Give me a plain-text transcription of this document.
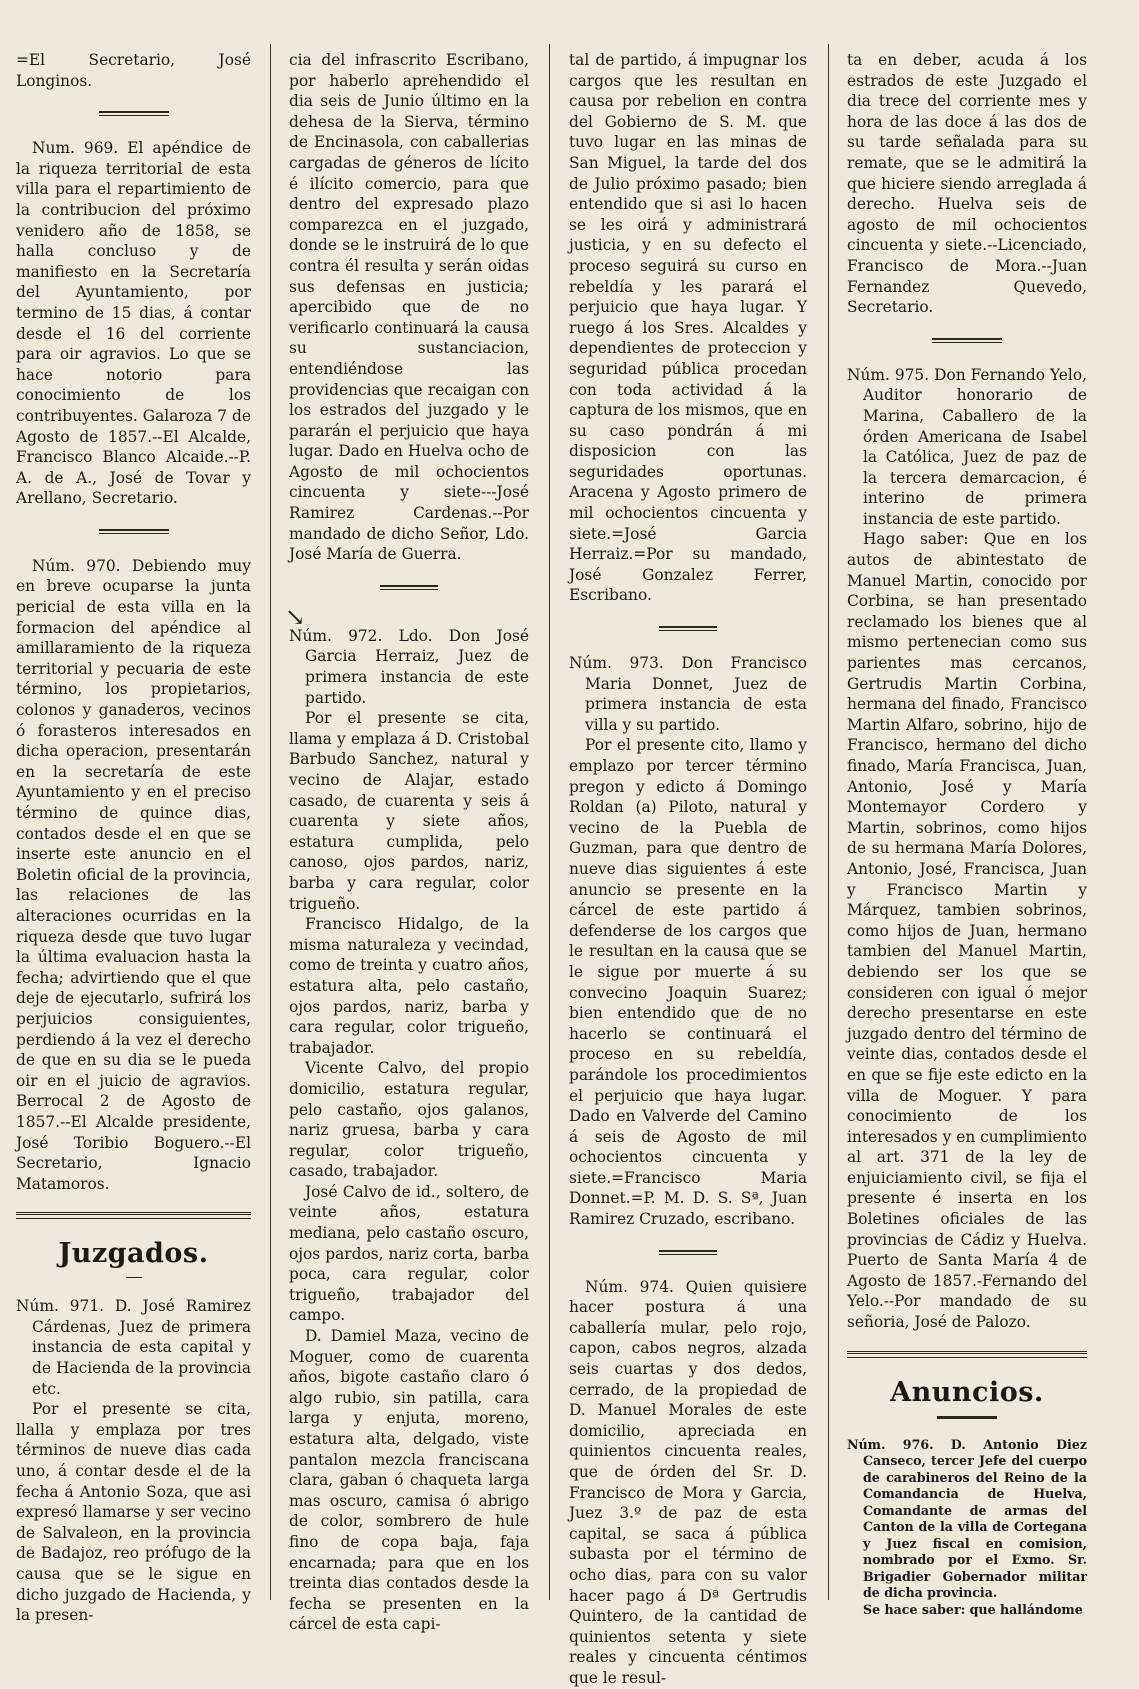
=El Secretario, José Longinos.

Num. 969. El apéndice de la riqueza territorial de esta villa para el repartimiento de la contribucion del próximo venidero año de 1858, se halla concluso y de manifiesto en la Secretaría del Ayuntamiento, por termino de 15 dias, á contar desde el 16 del corriente para oir agravios. Lo que se hace notorio para conocimiento de los contribuyentes. Galaroza 7 de Agosto de 1857.--El Alcalde, Francisco Blanco Alcaide.--P. A. de A., José de Tovar y Arellano, Secretario.

Núm. 970. Debiendo muy en breve ocuparse la junta pericial de esta villa en la formacion del apéndice al amillaramiento de la riqueza territorial y pecuaria de este término, los propietarios, colonos y ganaderos, vecinos ó forasteros interesados en dicha operacion, presentarán en la secretaría de este Ayuntamiento y en el preciso término de quince dias, contados desde el en que se inserte este anuncio en el Boletin oficial de la provincia, las relaciones de las alteraciones ocurridas en la riqueza desde que tuvo lugar la última evaluacion hasta la fecha; advirtiendo que el que deje de ejecutarlo, sufrirá los perjuicios consiguientes, perdiendo á la vez el derecho de que en su dia se le pueda oir en el juicio de agravios. Berrocal 2 de Agosto de 1857.--El Alcalde presidente, José Toribio Boguero.--El Secretario, Ignacio Matamoros.

Juzgados.

Núm. 971. D. José Ramirez Cárdenas, Juez de primera instancia de esta capital y de Hacienda de la provincia etc.

Por el presente se cita, llalla y emplaza por tres términos de nueve dias cada uno, á contar desde el de la fecha á Antonio Soza, que asi expresó llamarse y ser vecino de Salvaleon, en la provincia de Badajoz, reo prófugo de la causa que se le sigue en dicho juzgado de Hacienda, y la presen-

cia del infrascrito Escribano, por haberlo aprehendido el dia seis de Junio último en la dehesa de la Sierva, término de Encinasola, con caballerias cargadas de géneros de lícito é ilícito comercio, para que dentro del expresado plazo comparezca en el juzgado, donde se le instruirá de lo que contra él resulta y serán oidas sus defensas en justicia; apercibido que de no verificarlo continuará la causa su sustanciacion, entendiéndose las providencias que recaigan con los estrados del juzgado y le pararán el perjuicio que haya lugar. Dado en Huelva ocho de Agosto de mil ochocientos cincuenta y siete---José Ramirez Cardenas.--Por mandado de dicho Señor, Ldo. José María de Guerra.

↘

Núm. 972. Ldo. Don José Garcia Herraiz, Juez de primera instancia de este partido.

Por el presente se cita, llama y emplaza á D. Cristobal Barbudo Sanchez, natural y vecino de Alajar, estado casado, de cuarenta y seis á cuarenta y siete años, estatura cumplida, pelo canoso, ojos pardos, nariz, barba y cara regular, color trigueño.

Francisco Hidalgo, de la misma naturaleza y vecindad, como de treinta y cuatro años, estatura alta, pelo castaño, ojos pardos, nariz, barba y cara regular, color trigueño, trabajador.

Vicente Calvo, del propio domicilio, estatura regular, pelo castaño, ojos galanos, nariz gruesa, barba y cara regular, color trigueño, casado, trabajador.

José Calvo de id., soltero, de veinte años, estatura mediana, pelo castaño oscuro, ojos pardos, nariz corta, barba poca, cara regular, color trigueño, trabajador del campo.

D. Damiel Maza, vecino de Moguer, como de cuarenta años, bigote castaño claro ó algo rubio, sin patilla, cara larga y enjuta, moreno, estatura alta, delgado, viste pantalon mezcla franciscana clara, gaban ó chaqueta larga mas oscuro, camisa ó abrigo de color, sombrero de hule fino de copa baja, faja encarnada; para que en los treinta dias contados desde la fecha se presenten en la cárcel de esta capi-

tal de partido, á impugnar los cargos que les resultan en causa por rebelion en contra del Gobierno de S. M. que tuvo lugar en las minas de San Miguel, la tarde del dos de Julio próximo pasado; bien entendido que si asi lo hacen se les oirá y administrará justicia, y en su defecto el proceso seguirá su curso en rebeldía y les parará el perjuicio que haya lugar. Y ruego á los Sres. Alcaldes y dependientes de proteccion y seguridad pública procedan con toda actividad á la captura de los mismos, que en su caso pondrán á mi disposicion con las seguridades oportunas. Aracena y Agosto primero de mil ochocientos cincuenta y siete.=José Garcia Herraiz.=Por su mandado, José Gonzalez Ferrer, Escribano.

Núm. 973. Don Francisco Maria Donnet, Juez de primera instancia de esta villa y su partido.

Por el presente cito, llamo y emplazo por tercer término pregon y edicto á Domingo Roldan (a) Piloto, natural y vecino de la Puebla de Guzman, para que dentro de nueve dias siguientes á este anuncio se presente en la cárcel de este partido á defenderse de los cargos que le resultan en la causa que se le sigue por muerte á su convecino Joaquin Suarez; bien entendido que de no hacerlo se continuará el proceso en su rebeldía, parándole los procedimientos el perjuicio que haya lugar. Dado en Valverde del Camino á seis de Agosto de mil ochocientos cincuenta y siete.=Francisco Maria Donnet.=P. M. D. S. Sª, Juan Ramirez Cruzado, escribano.

Núm. 974. Quien quisiere hacer postura á una caballería mular, pelo rojo, capon, cabos negros, alzada seis cuartas y dos dedos, cerrado, de la propiedad de D. Manuel Morales de este domicilio, apreciada en quinientos cincuenta reales, que de órden del Sr. D. Francisco de Mora y Garcia, Juez 3.º de paz de esta capital, se saca á pública subasta por el término de ocho dias, para con su valor hacer pago á Dª Gertrudis Quintero, de la cantidad de quinientos setenta y siete reales y cincuenta céntimos que le resul-

ta en deber, acuda á los estrados de este Juzgado el dia trece del corriente mes y hora de las doce á las dos de su tarde señalada para su remate, que se le admitirá la que hiciere siendo arreglada á derecho. Huelva seis de agosto de mil ochocientos cincuenta y siete.--Licenciado, Francisco de Mora.--Juan Fernandez Quevedo, Secretario.

Núm. 975. Don Fernando Yelo, Auditor honorario de Marina, Caballero de la órden Americana de Isabel la Católica, Juez de paz de la tercera demarcacion, é interino de primera instancia de este partido.

Hago saber: Que en los autos de abintestato de Manuel Martin, conocido por Corbina, se han presentado reclamado los bienes que al mismo pertenecian como sus parientes mas cercanos, Gertrudis Martin Corbina, hermana del finado, Francisco Martin Alfaro, sobrino, hijo de Francisco, hermano del dicho finado, María Francisca, Juan, Antonio, José y María Montemayor Cordero y Martin, sobrinos, como hijos de su hermana María Dolores, Antonio, José, Francisca, Juan y Francisco Martin y Márquez, tambien sobrinos, como hijos de Juan, hermano tambien del Manuel Martin, debiendo ser los que se consideren con igual ó mejor derecho presentarse en este juzgado dentro del término de veinte dias, contados desde el en que se fije este edicto en la villa de Moguer. Y para conocimiento de los interesados y en cumplimiento al art. 371 de la ley de enjuiciamiento civil, se fija el presente é inserta en los Boletines oficiales de las provincias de Cádiz y Huelva. Puerto de Santa María 4 de Agosto de 1857.-Fernando del Yelo.--Por mandado de su señoria, José de Palozo.

Anuncios.

Núm. 976. D. Antonio Diez Canseco, tercer Jefe del cuerpo de carabineros del Reino de la Comandancia de Huelva, Comandante de armas del Canton de la villa de Cortegana y Juez fiscal en comision, nombrado por el Exmo. Sr. Brigadier Gobernador militar de dicha provincia.

Se hace saber: que hallándome
